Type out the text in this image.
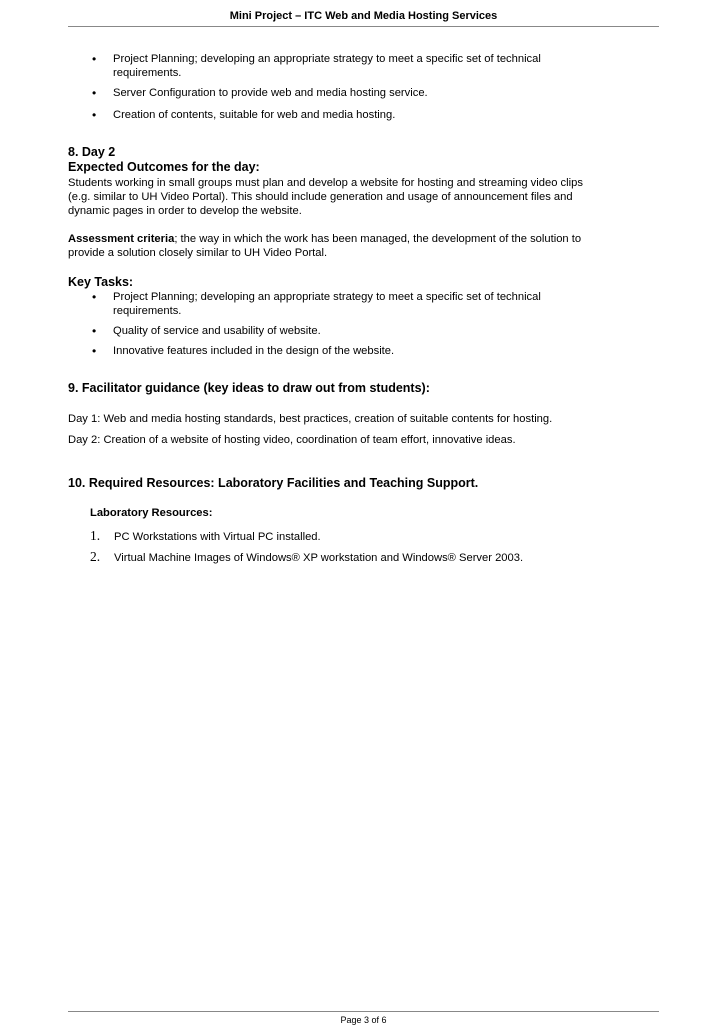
Mini Project – ITC Web and Media Hosting Services
• Project Planning; developing an appropriate strategy to meet a specific set of technical
requirements.
• Server Configuration to provide web and media hosting service.
• Creation of contents, suitable for web and media hosting.
8. Day 2
Expected Outcomes for the day:
Students working in small groups must plan and develop a website for hosting and streaming video clips
(e.g. similar to UH Video Portal). This should include generation and usage of announcement files and
dynamic pages in order to develop the website.
Assessment criteria; the way in which the work has been managed, the development of the solution to
provide a solution closely similar to UH Video Portal.
Key Tasks:
• Project Planning; developing an appropriate strategy to meet a specific set of technical
requirements.
• Quality of service and usability of website.
• Innovative features included in the design of the website.
9. Facilitator guidance (key ideas to draw out from students):
Day 1: Web and media hosting standards, best practices, creation of suitable contents for hosting.
Day 2: Creation of a website of hosting video, coordination of team effort, innovative ideas.
10. Required Resources: Laboratory Facilities and Teaching Support.
Laboratory Resources:
1. PC Workstations with Virtual PC installed.
2. Virtual Machine Images of Windows® XP workstation and Windows® Server 2003.
Page 3 of 6
